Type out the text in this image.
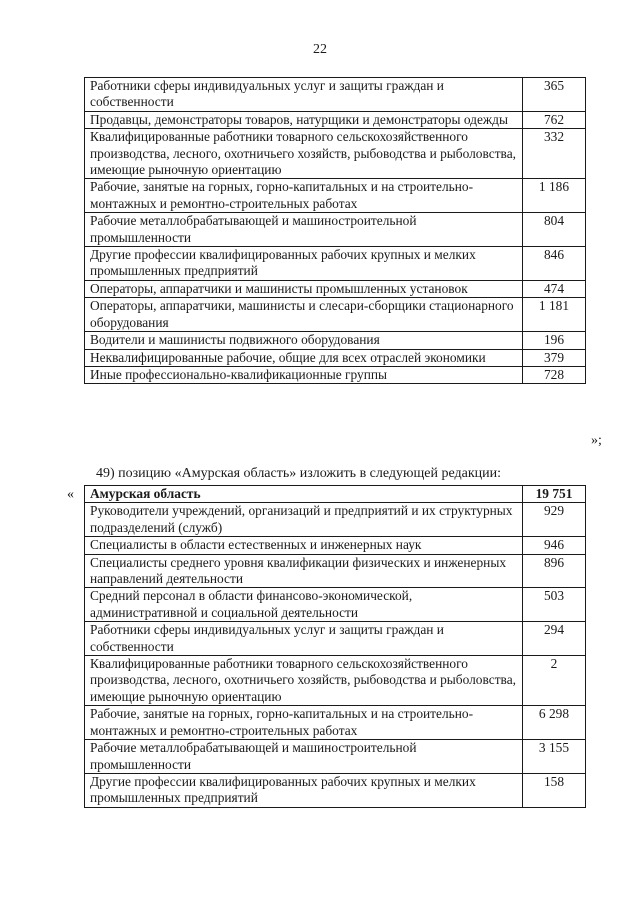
22
Работники сферы индивидуальных услуг и защиты граждан и собственности	365
Продавцы, демонстраторы товаров, натурщики и демонстраторы одежды	762
Квалифицированные работники товарного сельскохозяйственного производства, лесного, охотничьего хозяйств, рыбоводства и рыболовства, имеющие рыночную ориентацию	332
Рабочие, занятые на горных, горно-капитальных и на строительно-монтажных и ремонтно-строительных работах	1 186
Рабочие металлобрабатывающей и машиностроительной промышленности	804
Другие профессии квалифицированных рабочих крупных и мелких промышленных предприятий	846
Операторы, аппаратчики и машинисты промышленных установок	474
Операторы, аппаратчики, машинисты и слесари-сборщики стационарного оборудования	1 181
Водители и машинисты подвижного оборудования	196
Неквалифицированные рабочие, общие для всех отраслей экономики	379
Иные профессионально-квалификационные группы	728
»;
49) позицию «Амурская область» изложить в следующей редакции:
« Амурская область	19 751
Руководители учреждений, организаций и предприятий и их структурных подразделений (служб)	929
Специалисты в области естественных и инженерных наук	946
Специалисты среднего уровня квалификации физических и инженерных направлений деятельности	896
Средний персонал в области финансово-экономической, административной и социальной деятельности	503
Работники сферы индивидуальных услуг и защиты граждан и собственности	294
Квалифицированные работники товарного сельскохозяйственного производства, лесного, охотничьего хозяйств, рыбоводства и рыболовства, имеющие рыночную ориентацию	2
Рабочие, занятые на горных, горно-капитальных и на строительно-монтажных и ремонтно-строительных работах	6 298
Рабочие металлобрабатывающей и машиностроительной промышленности	3 155
Другие профессии квалифицированных рабочих крупных и мелких промышленных предприятий	158
